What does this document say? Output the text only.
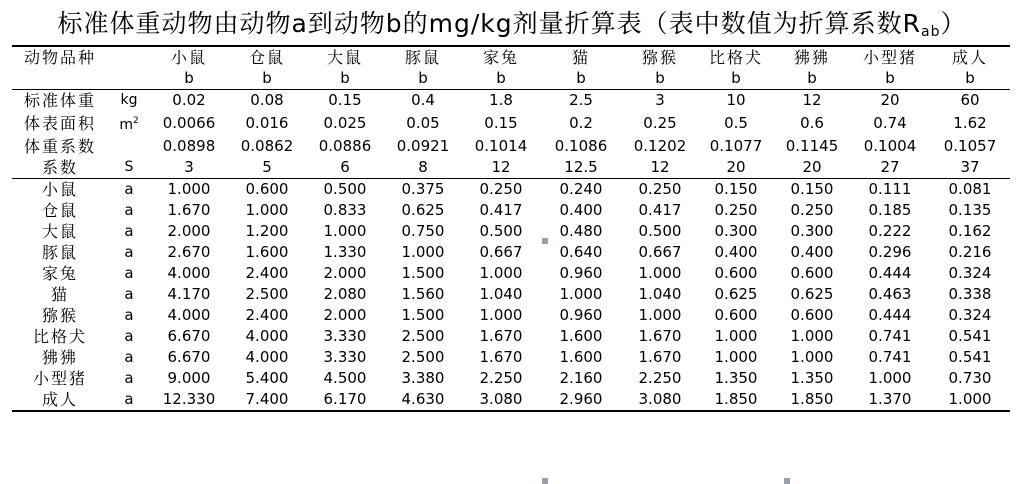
标准体重动物由动物a到动物b的mg/kg剂量折算表（表中数值为折算系数$R_{ab}$）
动物品种		小鼠	仓鼠	大鼠	豚鼠	家兔	猫	猕猴	比格犬	狒狒	小型猪	成人
		b	b	b	b	b	b	b	b	b	b	b
标准体重	kg	0.02	0.08	0.15	0.4	1.8	2.5	3	10	12	20	60
体表面积	$m^2$	0.0066	0.016	0.025	0.05	0.15	0.2	0.25	0.5	0.6	0.74	1.62
体重系数		0.0898	0.0862	0.0886	0.0921	0.1014	0.1086	0.1202	0.1077	0.1145	0.1004	0.1057
系数	S	3	5	6	8	12	12.5	12	20	20	27	37
小鼠	a	1.000	0.600	0.500	0.375	0.250	0.240	0.250	0.150	0.150	0.111	0.081
仓鼠	a	1.670	1.000	0.833	0.625	0.417	0.400	0.417	0.250	0.250	0.185	0.135
大鼠	a	2.000	1.200	1.000	0.750	0.500	0.480	0.500	0.300	0.300	0.222	0.162
豚鼠	a	2.670	1.600	1.330	1.000	0.667	0.640	0.667	0.400	0.400	0.296	0.216
家兔	a	4.000	2.400	2.000	1.500	1.000	0.960	1.000	0.600	0.600	0.444	0.324
猫	a	4.170	2.500	2.080	1.560	1.040	1.000	1.040	0.625	0.625	0.463	0.338
猕猴	a	4.000	2.400	2.000	1.500	1.000	0.960	1.000	0.600	0.600	0.444	0.324
比格犬	a	6.670	4.000	3.330	2.500	1.670	1.600	1.670	1.000	1.000	0.741	0.541
狒狒	a	6.670	4.000	3.330	2.500	1.670	1.600	1.670	1.000	1.000	0.741	0.541
小型猪	a	9.000	5.400	4.500	3.380	2.250	2.160	2.250	1.350	1.350	1.000	0.730
成人	a	12.330	7.400	6.170	4.630	3.080	2.960	3.080	1.850	1.850	1.370	1.000
